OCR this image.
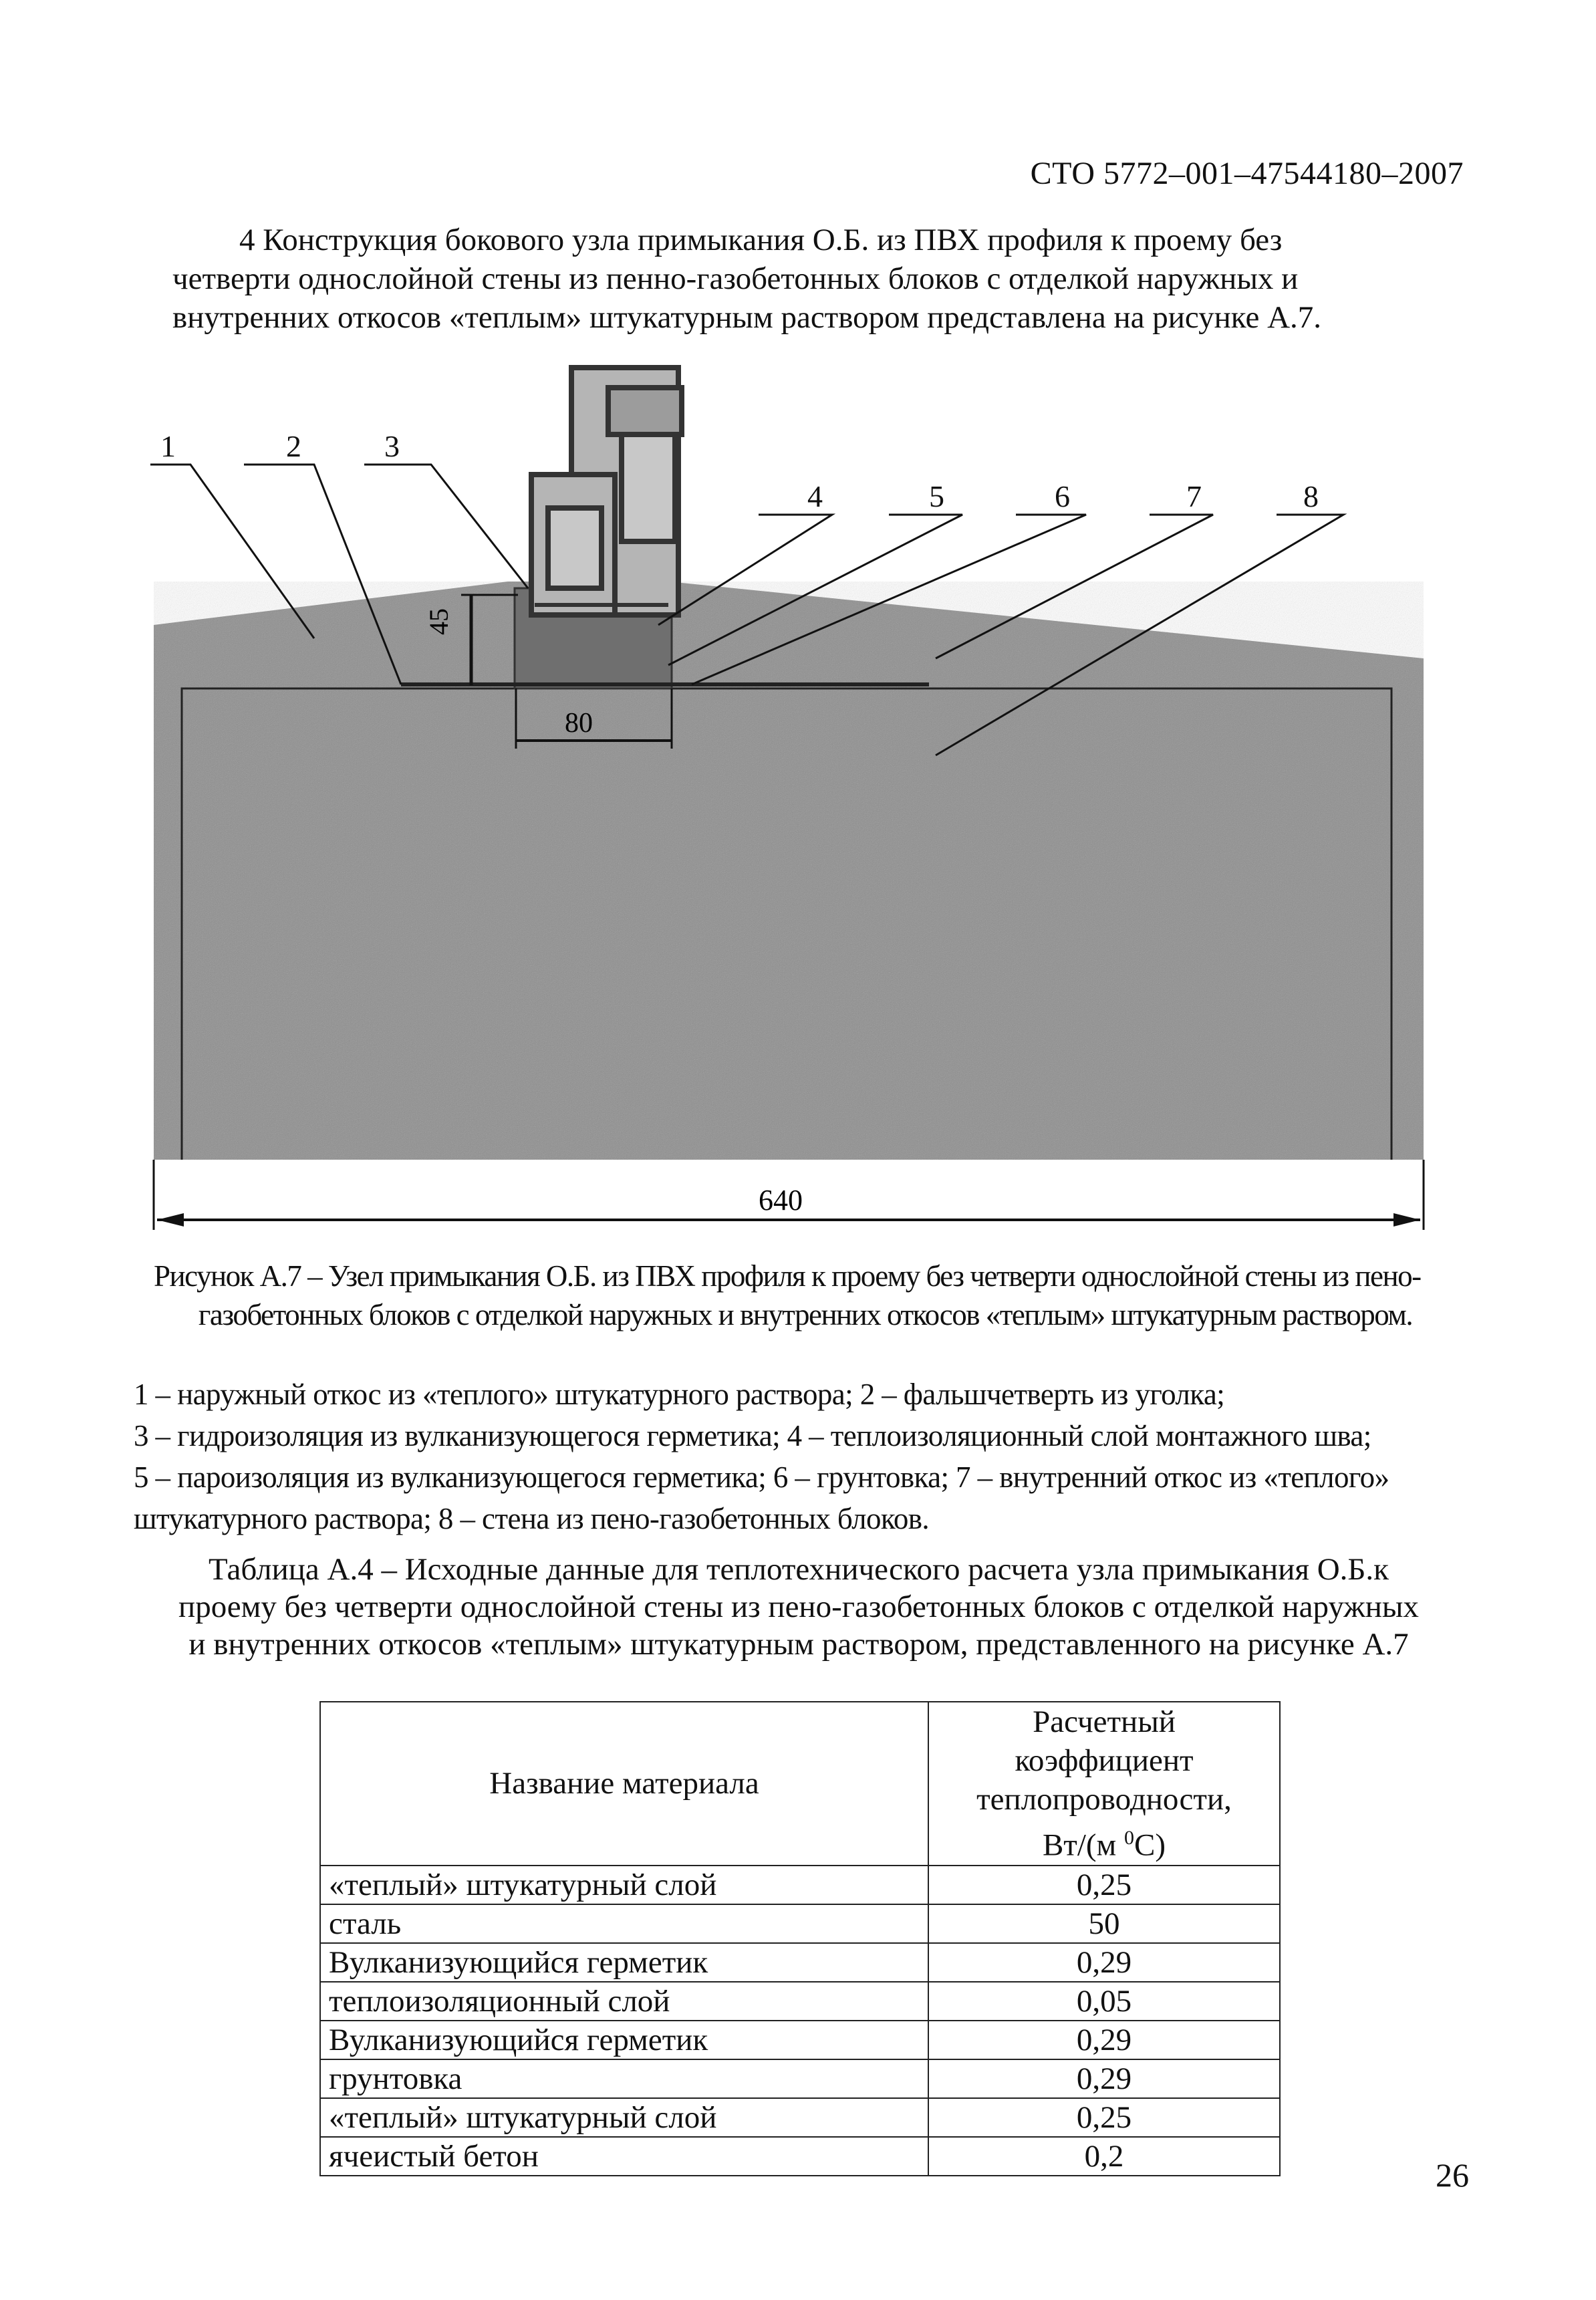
СТО 5772–001–47544180–2007
4 Конструкция бокового узла примыкания О.Б. из ПВХ профиля к проему без
четверти однослойной стены из пенно-газобетонных блоков с отделкой наружных и
внутренних откосов «теплым» штукатурным раствором представлена на рисунке А.7.
45
80
640
1	2	3
4	5	6	7	8
Рисунок А.7 – Узел примыкания О.Б. из ПВХ профиля к проему без четверти однослойной стены из пено-
газобетонных блоков с отделкой наружных и внутренних откосов «теплым» штукатурным раствором.
1 – наружный откос из «теплого» штукатурного раствора; 2 – фальшчетверть из уголка;
3 – гидроизоляция из вулканизующегося герметика; 4 – теплоизоляционный слой монтажного шва;
5 – пароизоляция из вулканизующегося герметика; 6 – грунтовка; 7 – внутренний откос из «теплого»
штукатурного раствора; 8 – стена из пено-газобетонных блоков.
Таблица А.4 – Исходные данные для теплотехнического расчета узла примыкания О.Б.к
проему без четверти однослойной стены из пено-газобетонных блоков с отделкой наружных
и внутренних откосов «теплым» штукатурным раствором, представленного на рисунке А.7
Название материала	Расчетный
коэффициент
теплопроводности,
Вт/(м $^0$С)

«теплый» штукатурный слой	0,25
сталь	50
Вулканизующийся герметик	0,29
теплоизоляционный слой	0,05
Вулканизующийся герметик	0,29
грунтовка	0,29
«теплый» штукатурный слой	0,25
ячеистый бетон	0,2
26
